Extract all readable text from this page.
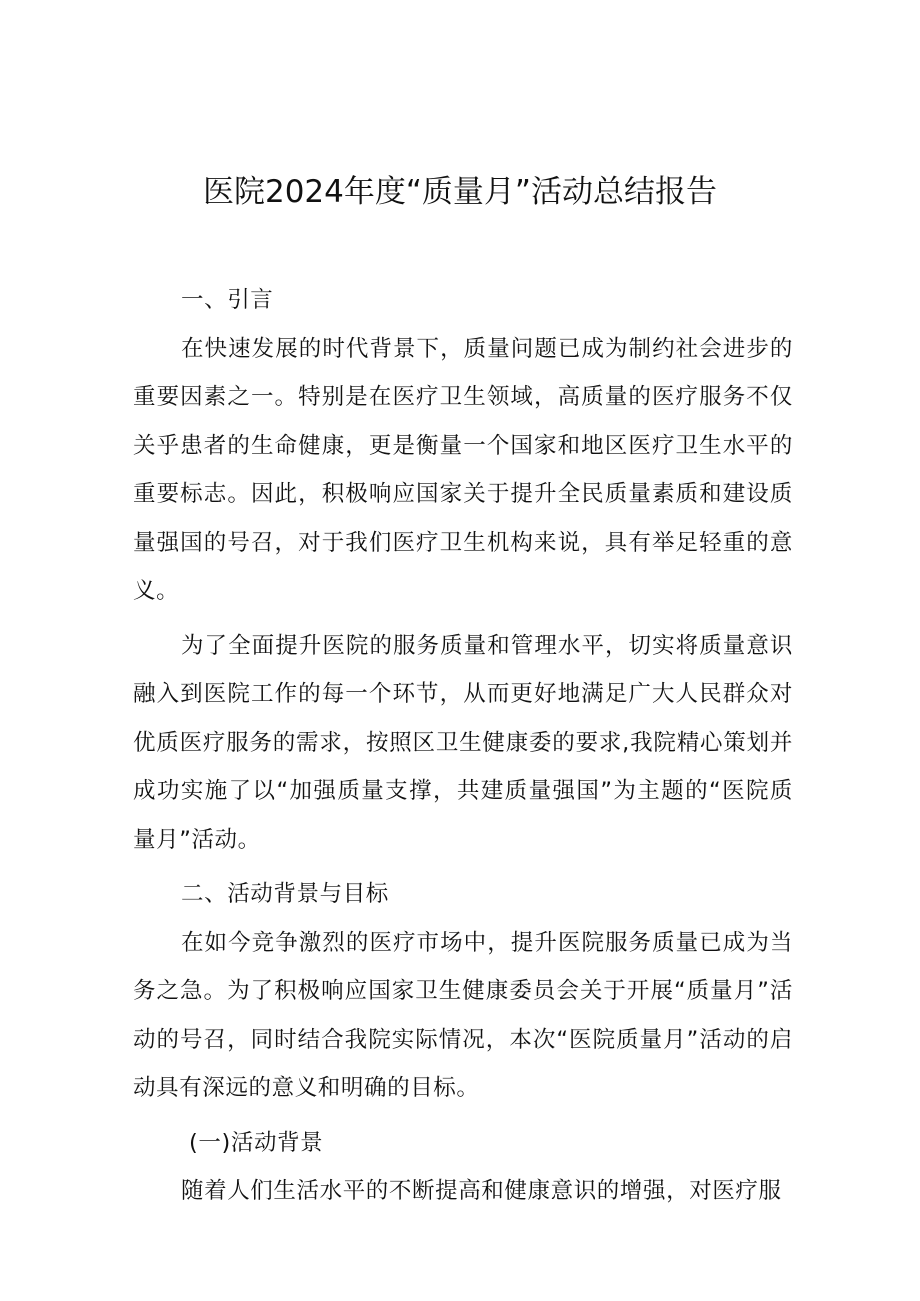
医院2024年度“质量月”活动总结报告

一、引言

在快速发展的时代背景下，质量问题已成为制约社会进步的重要因素之一。特别是在医疗卫生领域，高质量的医疗服务不仅关乎患者的生命健康，更是衡量一个国家和地区医疗卫生水平的重要标志。因此，积极响应国家关于提升全民质量素质和建设质量强国的号召，对于我们医疗卫生机构来说，具有举足轻重的意义。

为了全面提升医院的服务质量和管理水平，切实将质量意识融入到医院工作的每一个环节，从而更好地满足广大人民群众对优质医疗服务的需求，按照区卫生健康委的要求,我院精心策划并成功实施了以“加强质量支撑，共建质量强国”为主题的“医院质量月”活动。

二、活动背景与目标

在如今竞争激烈的医疗市场中，提升医院服务质量已成为当务之急。为了积极响应国家卫生健康委员会关于开展“质量月”活动的号召，同时结合我院实际情况，本次“医院质量月”活动的启动具有深远的意义和明确的目标。

(一)活动背景

随着人们生活水平的不断提高和健康意识的增强，对医疗服
